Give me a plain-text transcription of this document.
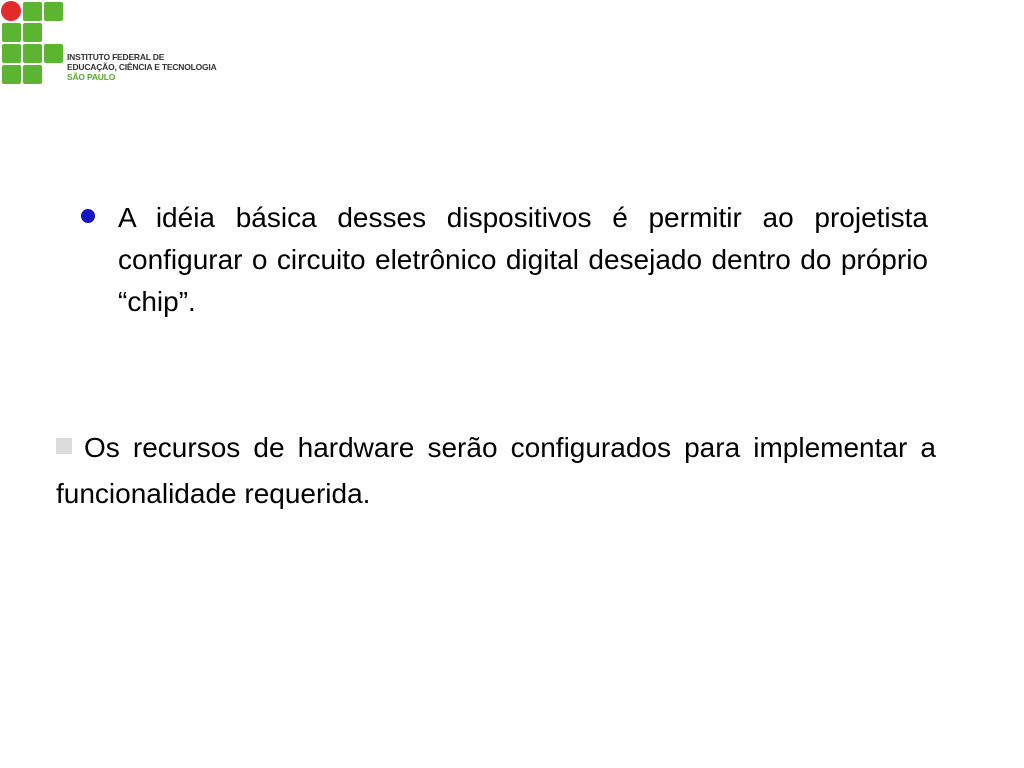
INSTITUTO FEDERAL DE
EDUCAÇÃO, CIÊNCIA E TECNOLOGIA
SÃO PAULO
A idéia básica desses dispositivos é permitir ao projetista configurar o circuito eletrônico digital desejado dentro do próprio “chip”.
Os recursos de hardware serão configurados para implementar a funcionalidade requerida.
